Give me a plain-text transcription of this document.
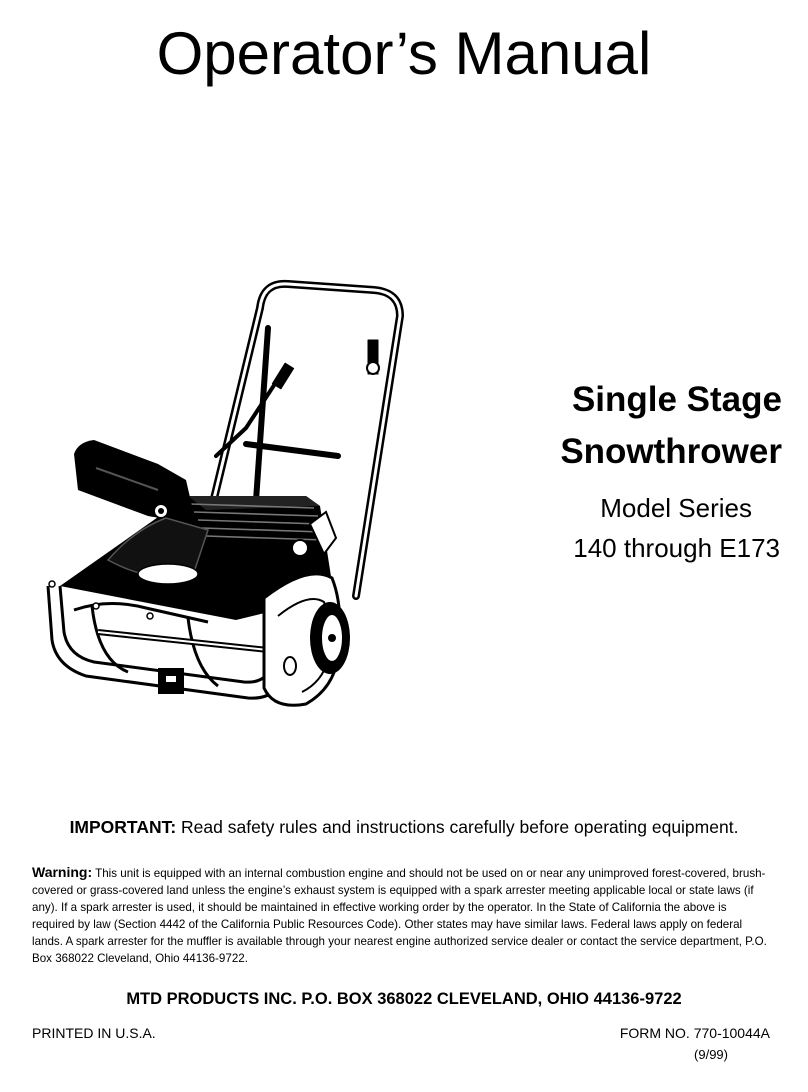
Operator’s Manual
Single Stage Snowthrower
Model Series
140 through E173
IMPORTANT: Read safety rules and instructions carefully before operating equipment.
Warning: This unit is equipped with an internal combustion engine and should not be used on or near any unimproved forest-covered, brush-covered or grass-covered land unless the engine’s exhaust system is equipped with a spark arrester meeting applicable local or state laws (if any). If a spark arrester is used, it should be maintained in effective working order by the operator. In the State of California the above is required by law (Section 4442 of the California Public Resources Code). Other states may have similar laws. Federal laws apply on federal lands. A spark arrester for the muffler is available through your nearest engine authorized service dealer or contact the service department, P.O. Box 368022 Cleveland, Ohio 44136-9722.
MTD PRODUCTS INC. P.O. BOX 368022 CLEVELAND, OHIO 44136-9722
PRINTED IN U.S.A.	FORM NO. 770-10044A
(9/99)
